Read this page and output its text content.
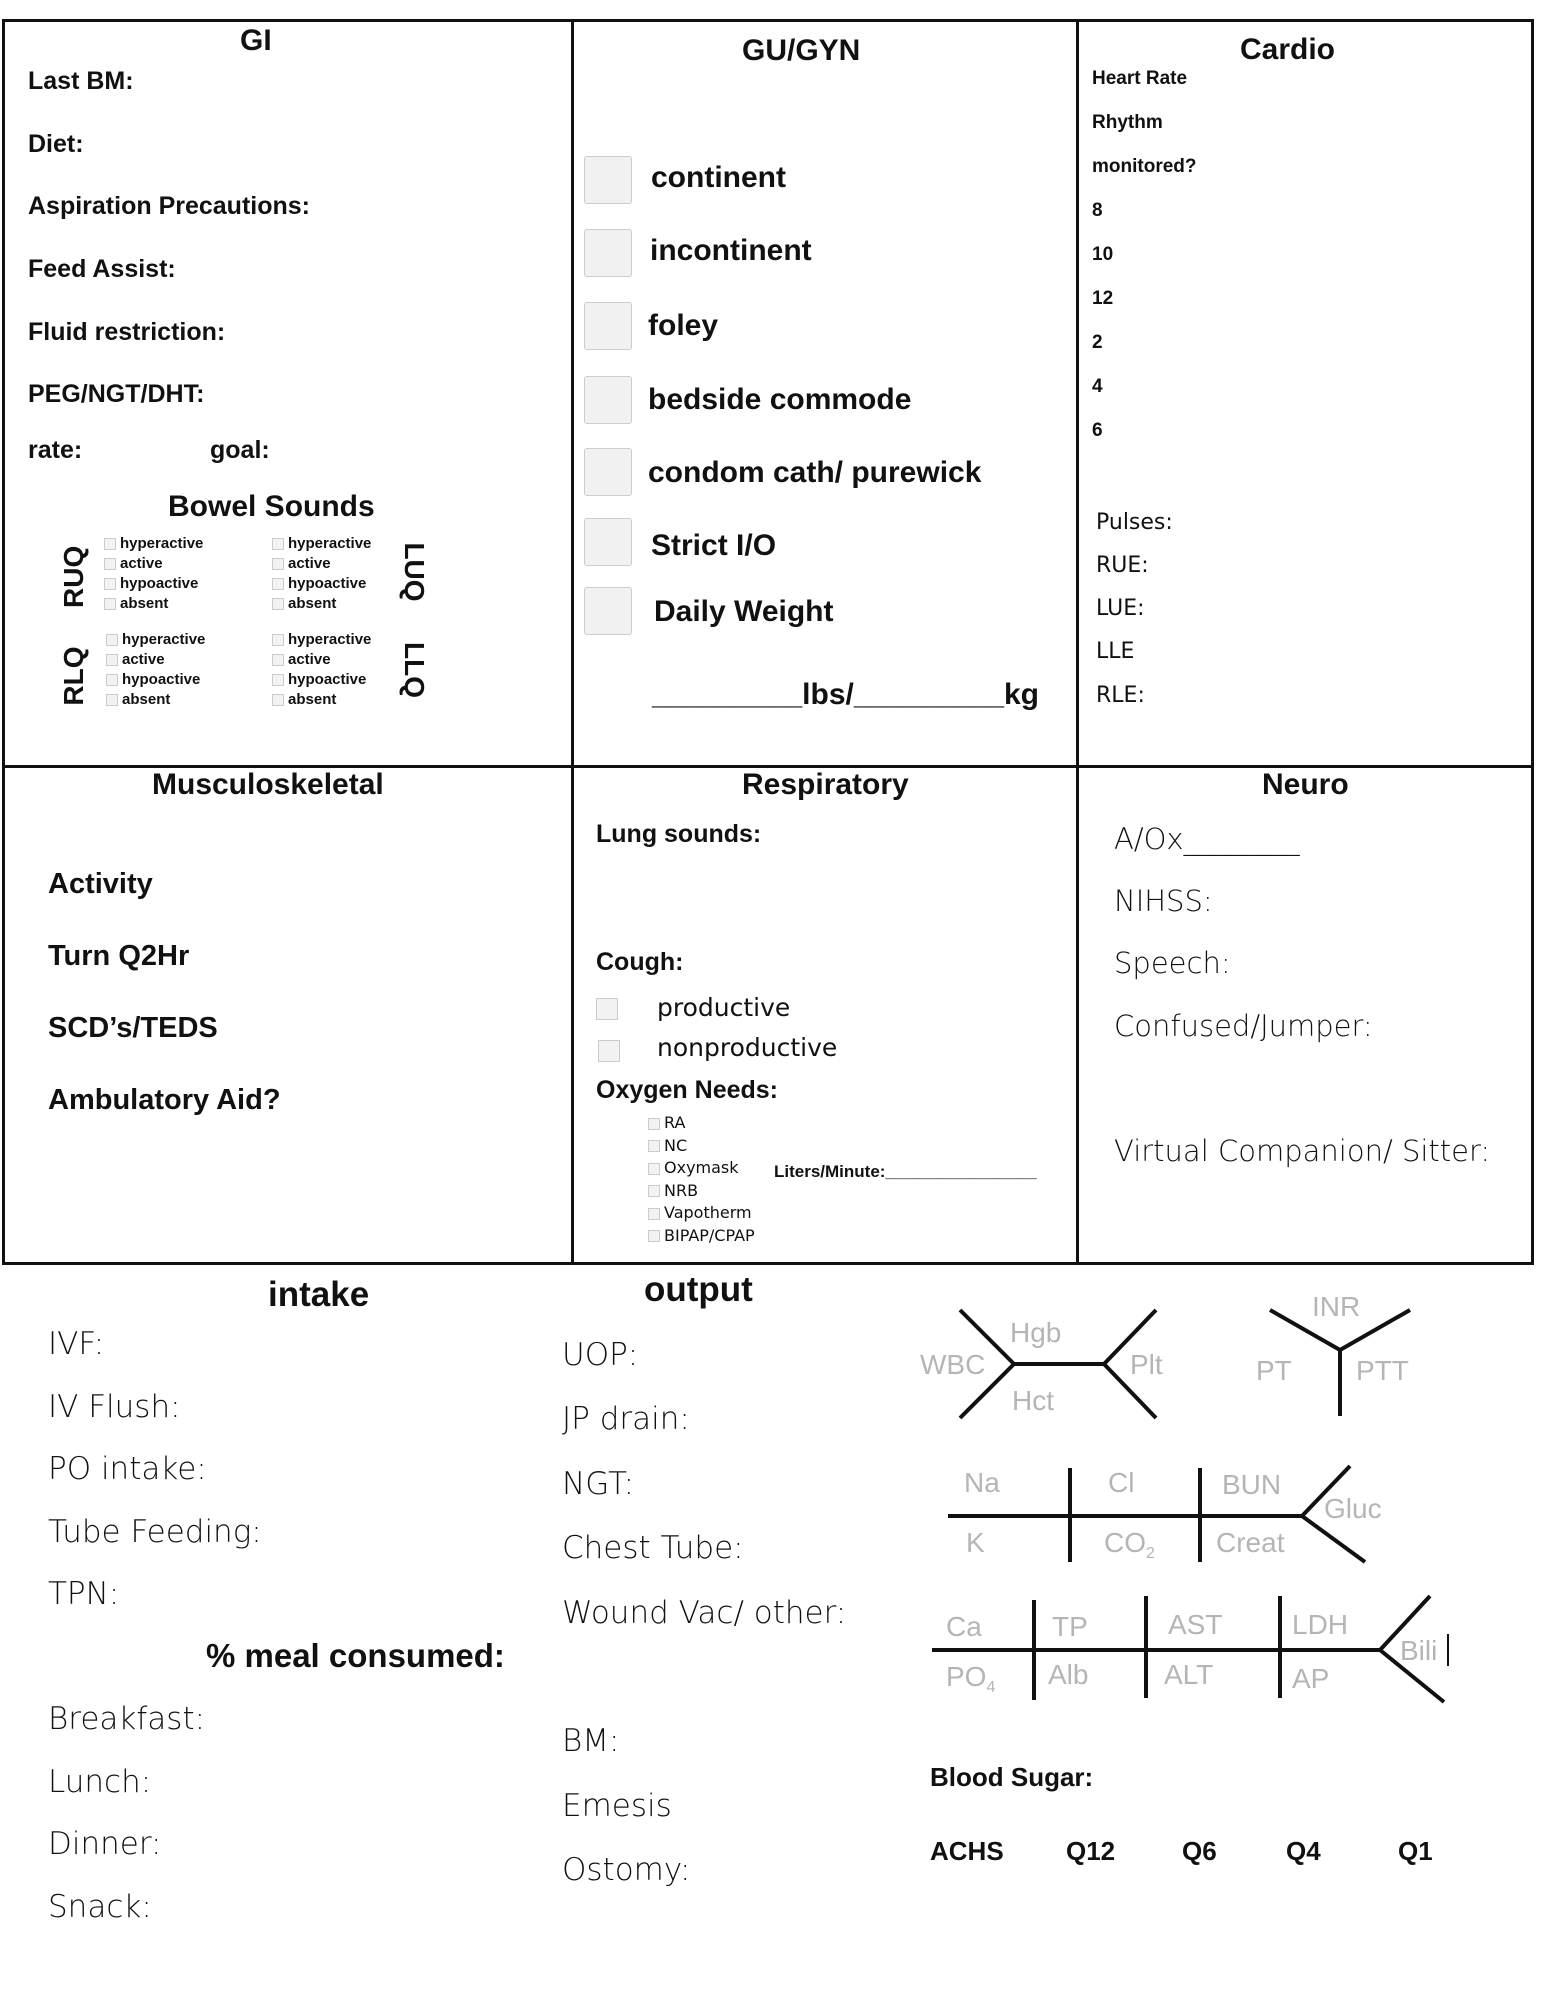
GI
Last BM:
Diet:
Aspiration Precautions:
Feed Assist:
Fluid restriction:
PEG/NGT/DHT:
rate:	goal:
Bowel Sounds
RUQ	LUQ
RLQ	LLQ
hyperactive
active
hypoactive
absent
hyperactive
active
hypoactive
absent
hyperactive
active
hypoactive
absent
hyperactive
active
hypoactive
absent
GU/GYN
continent
incontinent
foley
bedside commode
condom cath/ purewick
Strict I/O
Daily Weight
_________lbs/_________kg
Cardio
Heart Rate
Rhythm
monitored?
8
10
12
2
4
6
Pulses:
RUE:
LUE:
LLE
RLE:
Musculoskeletal
Activity
Turn Q2Hr
SCD’s/TEDS
Ambulatory Aid?
Respiratory
Lung sounds:
Cough:
productive
nonproductive
Oxygen Needs:
RA
NC
Oxymask
NRB
Vapotherm
BIPAP/CPAP
Liters/Minute:________________
Neuro
A/Ox________
NIHSS:
Speech:
Confused/Jumper:
Virtual Companion/ Sitter:
intake
IVF:
IV Flush:
PO intake:
Tube Feeding:
TPN:
% meal consumed:
Breakfast:
Lunch:
Dinner:
Snack:
output
UOP:
JP drain:
NGT:
Chest Tube:
Wound Vac/ other:
BM:
Emesis
Ostomy:
WBC
Hgb
Hct
Plt
INR
PT PTT
Na
K
Cl
$CO_2$
BUN
Creat
Gluc
Ca
$PO_4$
TP
Alb
AST
ALT
LDH
AP
Bili
Blood Sugar:
ACHS Q12	Q6	Q4	Q1
